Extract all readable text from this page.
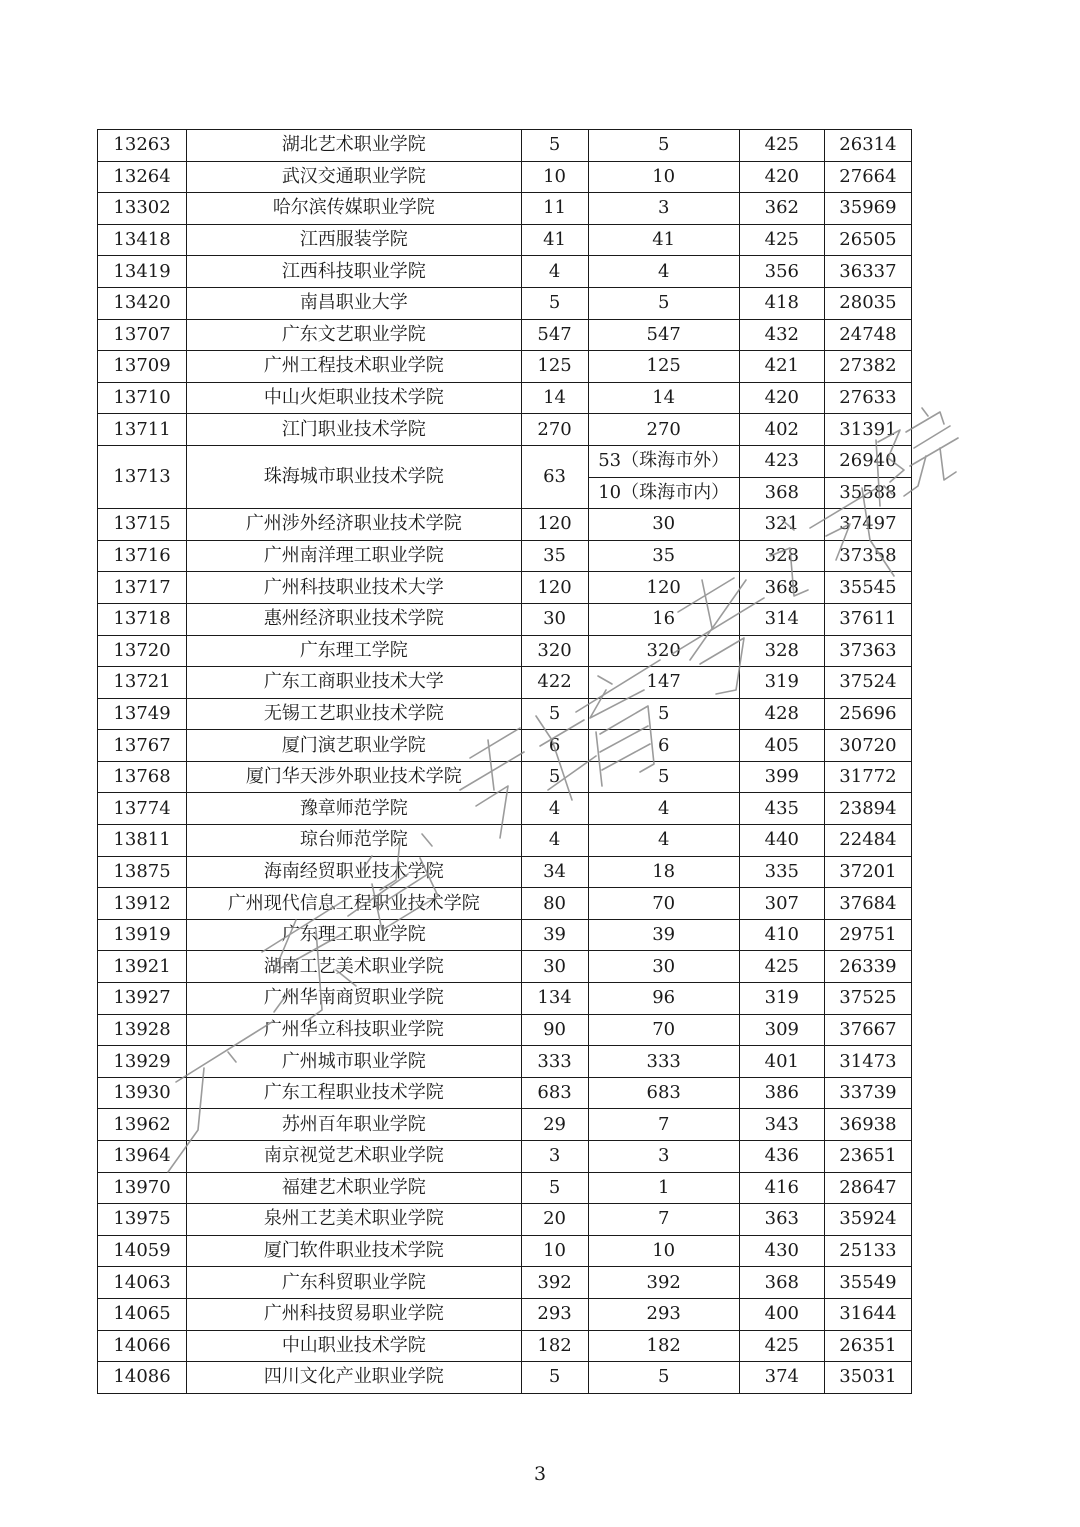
13263	湖北艺术职业学院	5	5	425	26314
13264	武汉交通职业学院	10	10	420	27664
13302	哈尔滨传媒职业学院	11	3	362	35969
13418	江西服装学院	41	41	425	26505
13419	江西科技职业学院	4	4	356	36337
13420	南昌职业大学	5	5	418	28035
13707	广东文艺职业学院	547	547	432	24748
13709	广州工程技术职业学院	125	125	421	27382
13710	中山火炬职业技术学院	14	14	420	27633
13711	江门职业技术学院	270	270	402	31391
13713	珠海城市职业技术学院	63	53（珠海市外）	423	26940
			10（珠海市内）	368	35588
13715	广州涉外经济职业技术学院	120	30	321	37497
13716	广州南洋理工职业学院	35	35	328	37358
13717	广州科技职业技术大学	120	120	368	35545
13718	惠州经济职业技术学院	30	16	314	37611
13720	广东理工学院	320	320	328	37363
13721	广东工商职业技术大学	422	147	319	37524
13749	无锡工艺职业技术学院	5	5	428	25696
13767	厦门演艺职业学院	6	6	405	30720
13768	厦门华天涉外职业技术学院	5	5	399	31772
13774	豫章师范学院	4	4	435	23894
13811	琼台师范学院	4	4	440	22484
13875	海南经贸职业技术学院	34	18	335	37201
13912	广州现代信息工程职业技术学院	80	70	307	37684
13919	广东理工职业学院	39	39	410	29751
13921	湖南工艺美术职业学院	30	30	425	26339
13927	广州华南商贸职业学院	134	96	319	37525
13928	广州华立科技职业学院	90	70	309	37667
13929	广州城市职业学院	333	333	401	31473
13930	广东工程职业技术学院	683	683	386	33739
13962	苏州百年职业学院	29	7	343	36938
13964	南京视觉艺术职业学院	3	3	436	23651
13970	福建艺术职业学院	5	1	416	28647
13975	泉州工艺美术职业学院	20	7	363	35924
14059	厦门软件职业技术学院	10	10	430	25133
14063	广东科贸职业学院	392	392	368	35549
14065	广州科技贸易职业学院	293	293	400	31644
14066	中山职业技术学院	182	182	425	26351
14086	四川文化产业职业学院	5	5	374	35031
3
